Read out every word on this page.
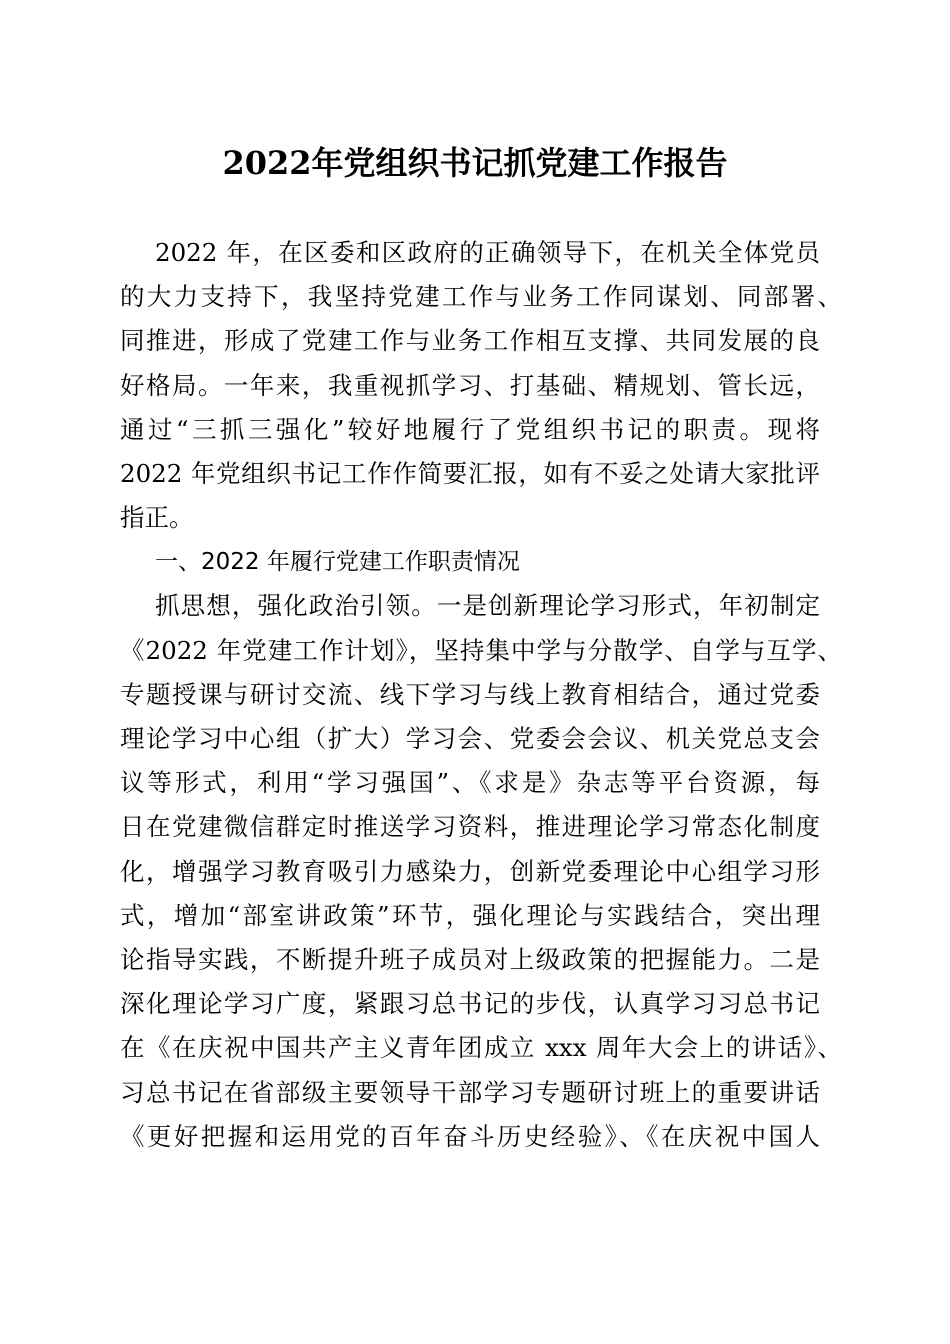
2022年党组织书记抓党建工作报告
2022 年，在区委和区政府的正确领导下，在机关全体党员
的大力支持下，我坚持党建工作与业务工作同谋划、同部署、
同推进，形成了党建工作与业务工作相互支撑、共同发展的良
好格局。一年来，我重视抓学习、打基础、精规划、管长远，
通过“三抓三强化”较好地履行了党组织书记的职责。现将
2022 年党组织书记工作作简要汇报，如有不妥之处请大家批评
指正。
一、2022 年履行党建工作职责情况
抓思想，强化政治引领。一是创新理论学习形式，年初制定
《2022 年党建工作计划》，坚持集中学与分散学、自学与互学、
专题授课与研讨交流、线下学习与线上教育相结合，通过党委
理论学习中心组（扩大）学习会、党委会会议、机关党总支会
议等形式，利用“学习强国”、《求是》杂志等平台资源，每
日在党建微信群定时推送学习资料，推进理论学习常态化制度
化，增强学习教育吸引力感染力，创新党委理论中心组学习形
式，增加“部室讲政策”环节，强化理论与实践结合，突出理
论指导实践，不断提升班子成员对上级政策的把握能力。二是
深化理论学习广度，紧跟习总书记的步伐，认真学习习总书记
在《在庆祝中国共产主义青年团成立 xxx 周年大会上的讲话》、
习总书记在省部级主要领导干部学习专题研讨班上的重要讲话
《更好把握和运用党的百年奋斗历史经验》、《在庆祝中国人
